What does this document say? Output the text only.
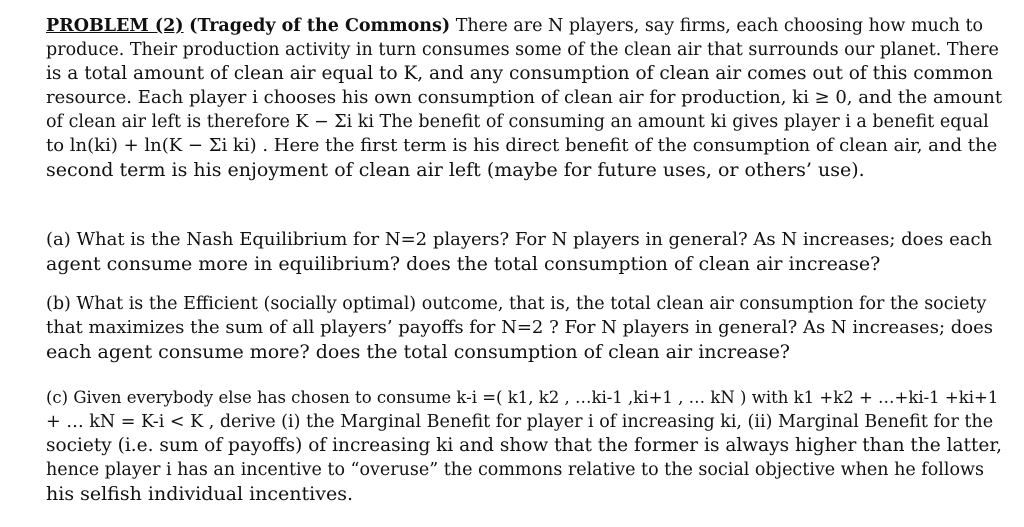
PROBLEM (2) (Tragedy of the Commons) There are N players, say firms, each choosing how much to
produce. Their production activity in turn consumes some of the clean air that surrounds our planet. There
is a total amount of clean air equal to K, and any consumption of clean air comes out of this common
resource. Each player i chooses his own consumption of clean air for production, ki ≥ 0, and the amount
of clean air left is therefore K − Σi ki The benefit of consuming an amount ki gives player i a benefit equal
to ln(ki) + ln(K − Σi ki) . Here the first term is his direct benefit of the consumption of clean air, and the
second term is his enjoyment of clean air left (maybe for future uses, or others’ use).

(a) What is the Nash Equilibrium for N=2 players? For N players in general? As N increases; does each
agent consume more in equilibrium? does the total consumption of clean air increase?

(b) What is the Efficient (socially optimal) outcome, that is, the total clean air consumption for the society
that maximizes the sum of all players’ payoffs for N=2 ? For N players in general? As N increases; does
each agent consume more? does the total consumption of clean air increase?

(c) Given everybody else has chosen to consume k-i =( k1, k2 , …ki-1 ,ki+1 , … kN ) with k1 +k2 + …+ki-1 +ki+1
+ … kN = K-i < K , derive (i) the Marginal Benefit for player i of increasing ki, (ii) Marginal Benefit for the
society (i.e. sum of payoffs) of increasing ki and show that the former is always higher than the latter,
hence player i has an incentive to “overuse” the commons relative to the social objective when he follows
his selfish individual incentives.
